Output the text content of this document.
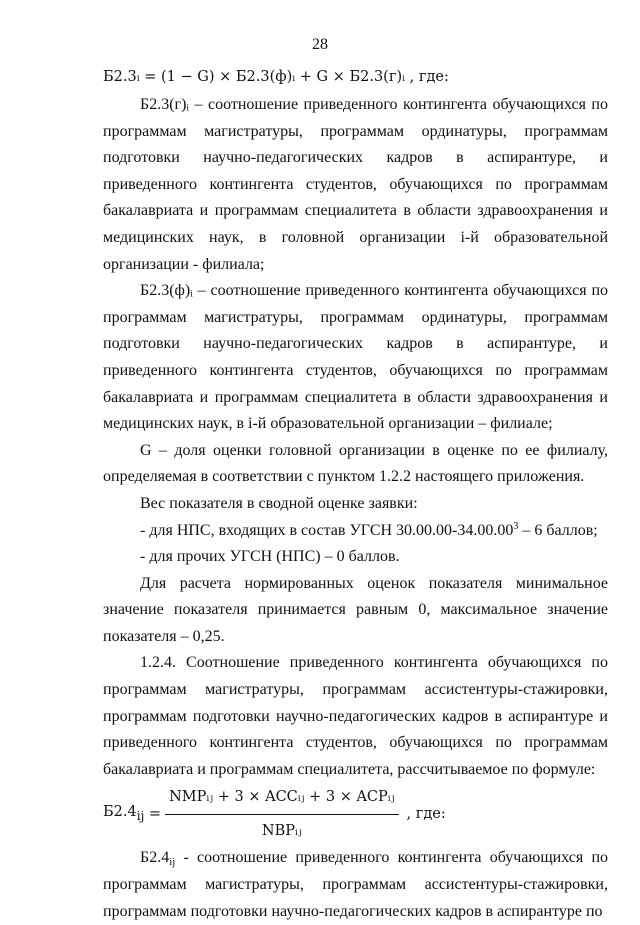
28

Б2.3ᵢ = (1 − G) × Б2.3(ф)ᵢ + G × Б2.3(г)ᵢ , где:

Б2.3(г)ᵢ – соотношение приведенного контингента обучающихся по программам магистратуры, программам ординатуры, программам подготовки научно-педагогических кадров в аспирантуре, и приведенного контингента студентов, обучающихся по программам бакалавриата и программам специалитета в области здравоохранения и медицинских наук, в головной организации i-й образовательной организации - филиала;

Б2.3(ф)ᵢ – соотношение приведенного контингента обучающихся по программам магистратуры, программам ординатуры, программам подготовки научно-педагогических кадров в аспирантуре, и приведенного контингента студентов, обучающихся по программам бакалавриата и программам специалитета в области здравоохранения и медицинских наук, в i-й образовательной организации – филиале;

G – доля оценки головной организации в оценке по ее филиалу, определяемая в соответствии с пунктом 1.2.2 настоящего приложения.

Вес показателя в сводной оценке заявки:

- для НПС, входящих в состав УГСН 30.00.00-34.00.00$^3$ – 6 баллов;

- для прочих УГСН (НПС) – 0 баллов.

Для расчета нормированных оценок показателя минимальное значение показателя принимается равным 0, максимальное значение показателя – 0,25.

1.2.4. Соотношение приведенного контингента обучающихся по программам магистратуры, программам ассистентуры-стажировки, программам подготовки научно-педагогических кадров в аспирантуре и приведенного контингента студентов, обучающихся по программам бакалавриата и программам специалитета, рассчитываемое по формуле:

$Б2.4_{ij} = \frac{\text{NMPᵢⱼ + 3 × ACCᵢⱼ + 3 × ACPᵢⱼ}}{\text{NBPᵢⱼ}}$ , где:

$Б2.4_{ij}$ - соотношение приведенного контингента обучающихся по программам магистратуры, программам ассистентуры-стажировки, программам подготовки научно-педагогических кадров в аспирантуре по
